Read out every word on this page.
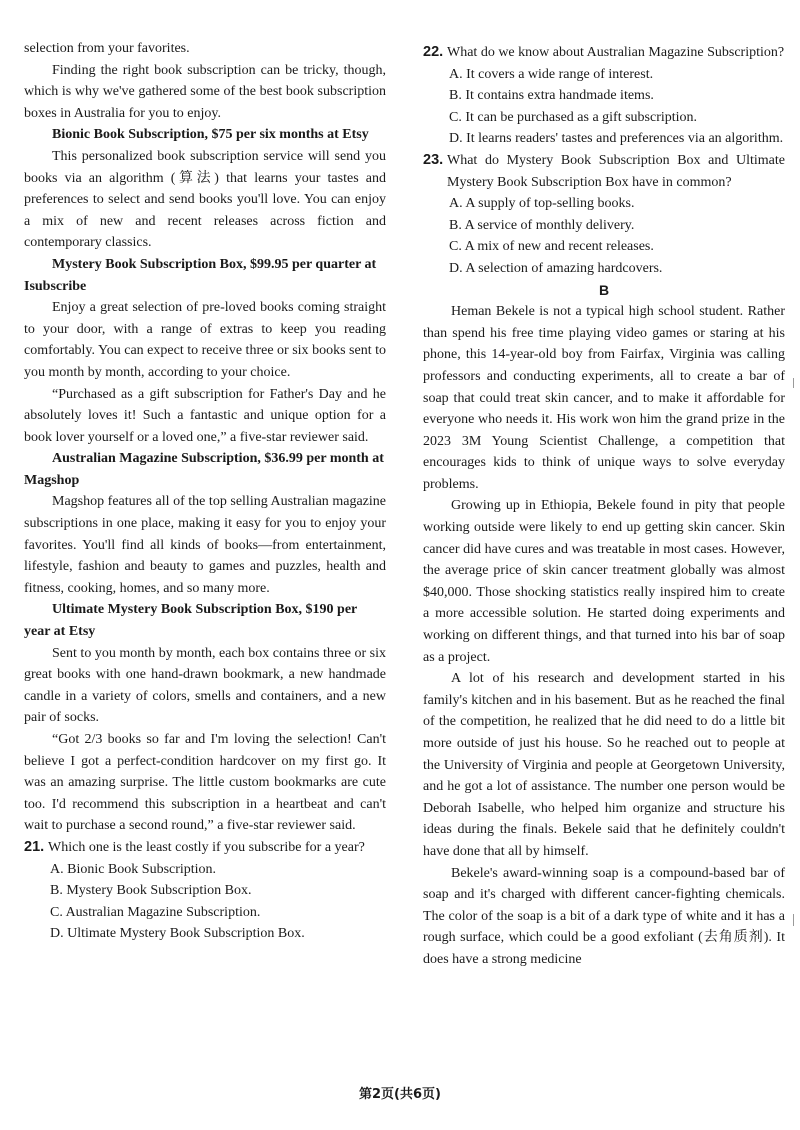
selection from your favorites.

Finding the right book subscription can be tricky, though, which is why we've gathered some of the best book subscription boxes in Australia for you to enjoy.

Bionic Book Subscription, $75 per six months at Etsy

This personalized book subscription service will send you books via an algorithm (算法) that learns your tastes and preferences to select and send books you'll love. You can enjoy a mix of new and recent releases across fiction and contemporary classics.

Mystery Book Subscription Box, $99.95 per quarter at Isubscribe

Enjoy a great selection of pre-loved books coming straight to your door, with a range of extras to keep you reading comfortably. You can expect to receive three or six books sent to you month by month, according to your choice.

“Purchased as a gift subscription for Father's Day and he absolutely loves it! Such a fantastic and unique option for a book lover yourself or a loved one,” a five-star reviewer said.

Australian Magazine Subscription, $36.99 per month at Magshop

Magshop features all of the top selling Australian magazine subscriptions in one place, making it easy for you to enjoy your favorites. You'll find all kinds of books—from entertainment, lifestyle, fashion and beauty to games and puzzles, health and fitness, cooking, homes, and so many more.

Ultimate Mystery Book Subscription Box, $190 per year at Etsy

Sent to you month by month, each box contains three or six great books with one hand-drawn bookmark, a new handmade candle in a variety of colors, smells and containers, and a new pair of socks.

“Got 2/3 books so far and I'm loving the selection! Can't believe I got a perfect-condition hardcover on my first go. It was an amazing surprise. The little custom bookmarks are cute too. I'd recommend this subscription in a heartbeat and can't wait to purchase a second round,” a five-star reviewer said.

21. Which one is the least costly if you subscribe for a year?

A. Bionic Book Subscription.

B. Mystery Book Subscription Box.

C. Australian Magazine Subscription.

D. Ultimate Mystery Book Subscription Box.

22. What do we know about Australian Magazine Subscription?

A. It covers a wide range of interest.

B. It contains extra handmade items.

C. It can be purchased as a gift subscription.

D. It learns readers' tastes and preferences via an algorithm.

23. What do Mystery Book Subscription Box and Ultimate Mystery Book Subscription Box have in common?

A. A supply of top-selling books.

B. A service of monthly delivery.

C. A mix of new and recent releases.

D. A selection of amazing hardcovers.

B

Heman Bekele is not a typical high school student. Rather than spend his free time playing video games or staring at his phone, this 14-year-old boy from Fairfax, Virginia was calling professors and conducting experiments, all to create a bar of soap that could treat skin cancer, and to make it affordable for everyone who needs it. His work won him the grand prize in the 2023 3M Young Scientist Challenge, a competition that encourages kids to think of unique ways to solve everyday problems.

Growing up in Ethiopia, Bekele found in pity that people working outside were likely to end up getting skin cancer. Skin cancer did have cures and was treatable in most cases. However, the average price of skin cancer treatment globally was almost $40,000. Those shocking statistics really inspired him to create a more accessible solution. He started doing experiments and working on different things, and that turned into his bar of soap as a project.

A lot of his research and development started in his family's kitchen and in his basement. But as he reached the final of the competition, he realized that he did need to do a little bit more outside of just his house. So he reached out to people at the University of Virginia and people at Georgetown University, and he got a lot of assistance. The number one person would be Deborah Isabelle, who helped him organize and structure his ideas during the finals. Bekele said that he definitely couldn't have done that all by himself.

Bekele's award-winning soap is a compound-based bar of soap and it's charged with different cancer-fighting chemicals. The color of the soap is a bit of a dark type of white and it has a rough surface, which could be a good exfoliant (去角质剂). It does have a strong medicine

第2页(共6页)
